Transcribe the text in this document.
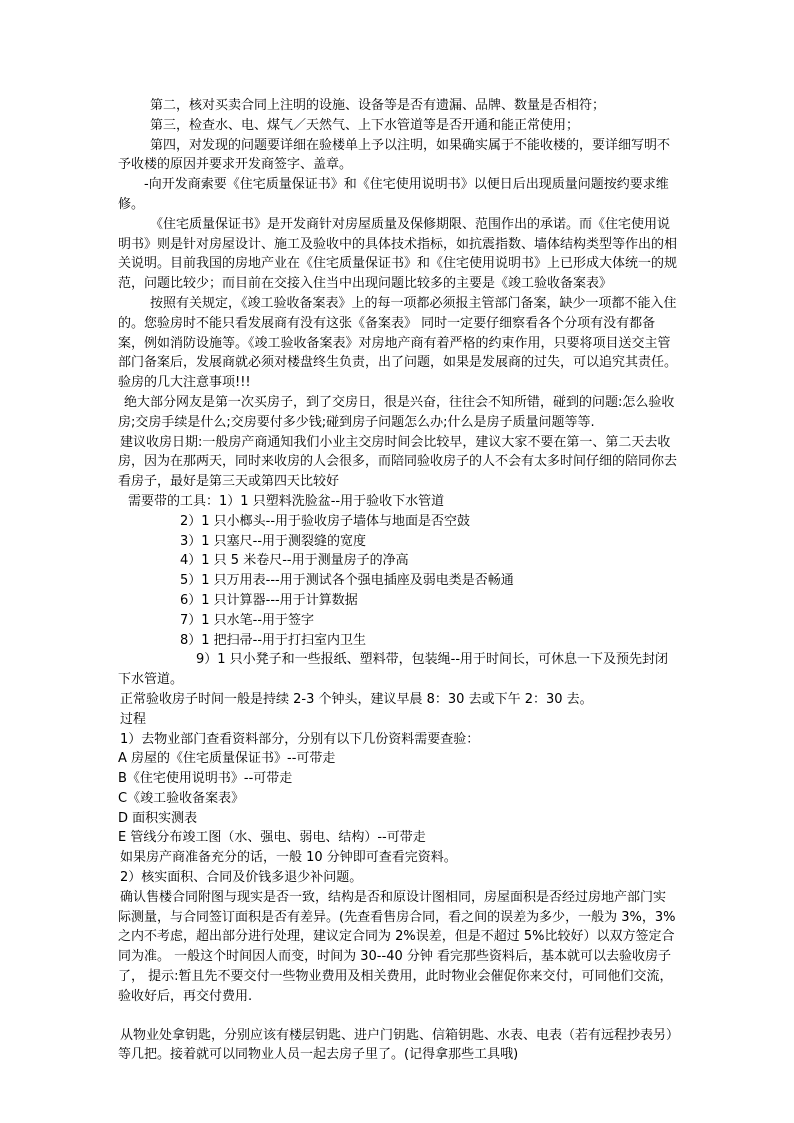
第二，核对买卖合同上注明的设施、设备等是否有遗漏、品牌、数量是否相符；

第三，检查水、电、煤气／天然气、上下水管道等是否开通和能正常使用；

第四，对发现的问题要详细在验楼单上予以注明，如果确实属于不能收楼的，要详细写明不予收楼的原因并要求开发商签字、盖章。

-向开发商索要《住宅质量保证书》和《住宅使用说明书》以便日后出现质量问题按约要求维修。

《住宅质量保证书》是开发商针对房屋质量及保修期限、范围作出的承诺。而《住宅使用说明书》则是针对房屋设计、施工及验收中的具体技术指标，如抗震指数、墙体结构类型等作出的相关说明。目前我国的房地产业在《住宅质量保证书》和《住宅使用说明书》上已形成大体统一的规范，问题比较少；而目前在交接入住当中出现问题比较多的主要是《竣工验收备案表》

按照有关规定，《竣工验收备案表》上的每一项都必须报主管部门备案，缺少一项都不能入住的。您验房时不能只看发展商有没有这张《备案表》 同时一定要仔细察看各个分项有没有都备案，例如消防设施等。《竣工验收备案表》对房地产商有着严格的约束作用，只要将项目送交主管部门备案后，发展商就必须对楼盘终生负责，出了问题，如果是发展商的过失，可以追究其责任。

验房的几大注意事项!!!

绝大部分网友是第一次买房子，到了交房日，很是兴奋，往往会不知所错，碰到的问题:怎么验收房;交房手续是什么;交房要付多少钱;碰到房子问题怎么办;什么是房子质量问题等等.

建议收房日期:一般房产商通知我们小业主交房时间会比较早，建议大家不要在第一、第二天去收房，因为在那两天，同时来收房的人会很多，而陪同验收房子的人不会有太多时间仔细的陪同你去看房子，最好是第三天或第四天比较好

需要带的工具：1）1 只塑料洗脸盆--用于验收下水管道

2）1 只小榔头--用于验收房子墙体与地面是否空鼓

3）1 只塞尺--用于测裂缝的宽度

4）1 只 5 米卷尺--用于测量房子的净高

5）1 只万用表---用于测试各个强电插座及弱电类是否畅通

6）1 只计算器---用于计算数据

7）1 只水笔--用于签字

8）1 把扫帚--用于打扫室内卫生

9）1 只小凳子和一些报纸、塑料带，包装绳--用于时间长，可休息一下及预先封闭下水管道。

正常验收房子时间一般是持续 2-3 个钟头，建议早晨 8：30 去或下午 2：30 去。

过程

1）去物业部门查看资料部分，分别有以下几份资料需要查验：

A 房屋的《住宅质量保证书》--可带走

B《住宅使用说明书》--可带走

C《竣工验收备案表》

D 面积实测表

E 管线分布竣工图（水、强电、弱电、结构）--可带走

如果房产商准备充分的话，一般 10 分钟即可查看完资料。

2）核实面积、合同及价钱多退少补问题。

确认售楼合同附图与现实是否一致，结构是否和原设计图相同，房屋面积是否经过房地产部门实际测量，与合同签订面积是否有差异。(先查看售房合同，看之间的误差为多少，一般为 3%，3%之内不考虑，超出部分进行处理，建议定合同为 2%误差，但是不超过 5%比较好）以双方签定合同为准。 一般这个时间因人而变，时间为 30--40 分钟 看完那些资料后，基本就可以去验收房子了， 提示:暂且先不要交付一些物业费用及相关费用，此时物业会催促你来交付，可同他们交流，验收好后，再交付费用.

从物业处拿钥匙，分别应该有楼层钥匙、进户门钥匙、信箱钥匙、水表、电表（若有远程抄表另）等几把。接着就可以同物业人员一起去房子里了。(记得拿那些工具哦)
